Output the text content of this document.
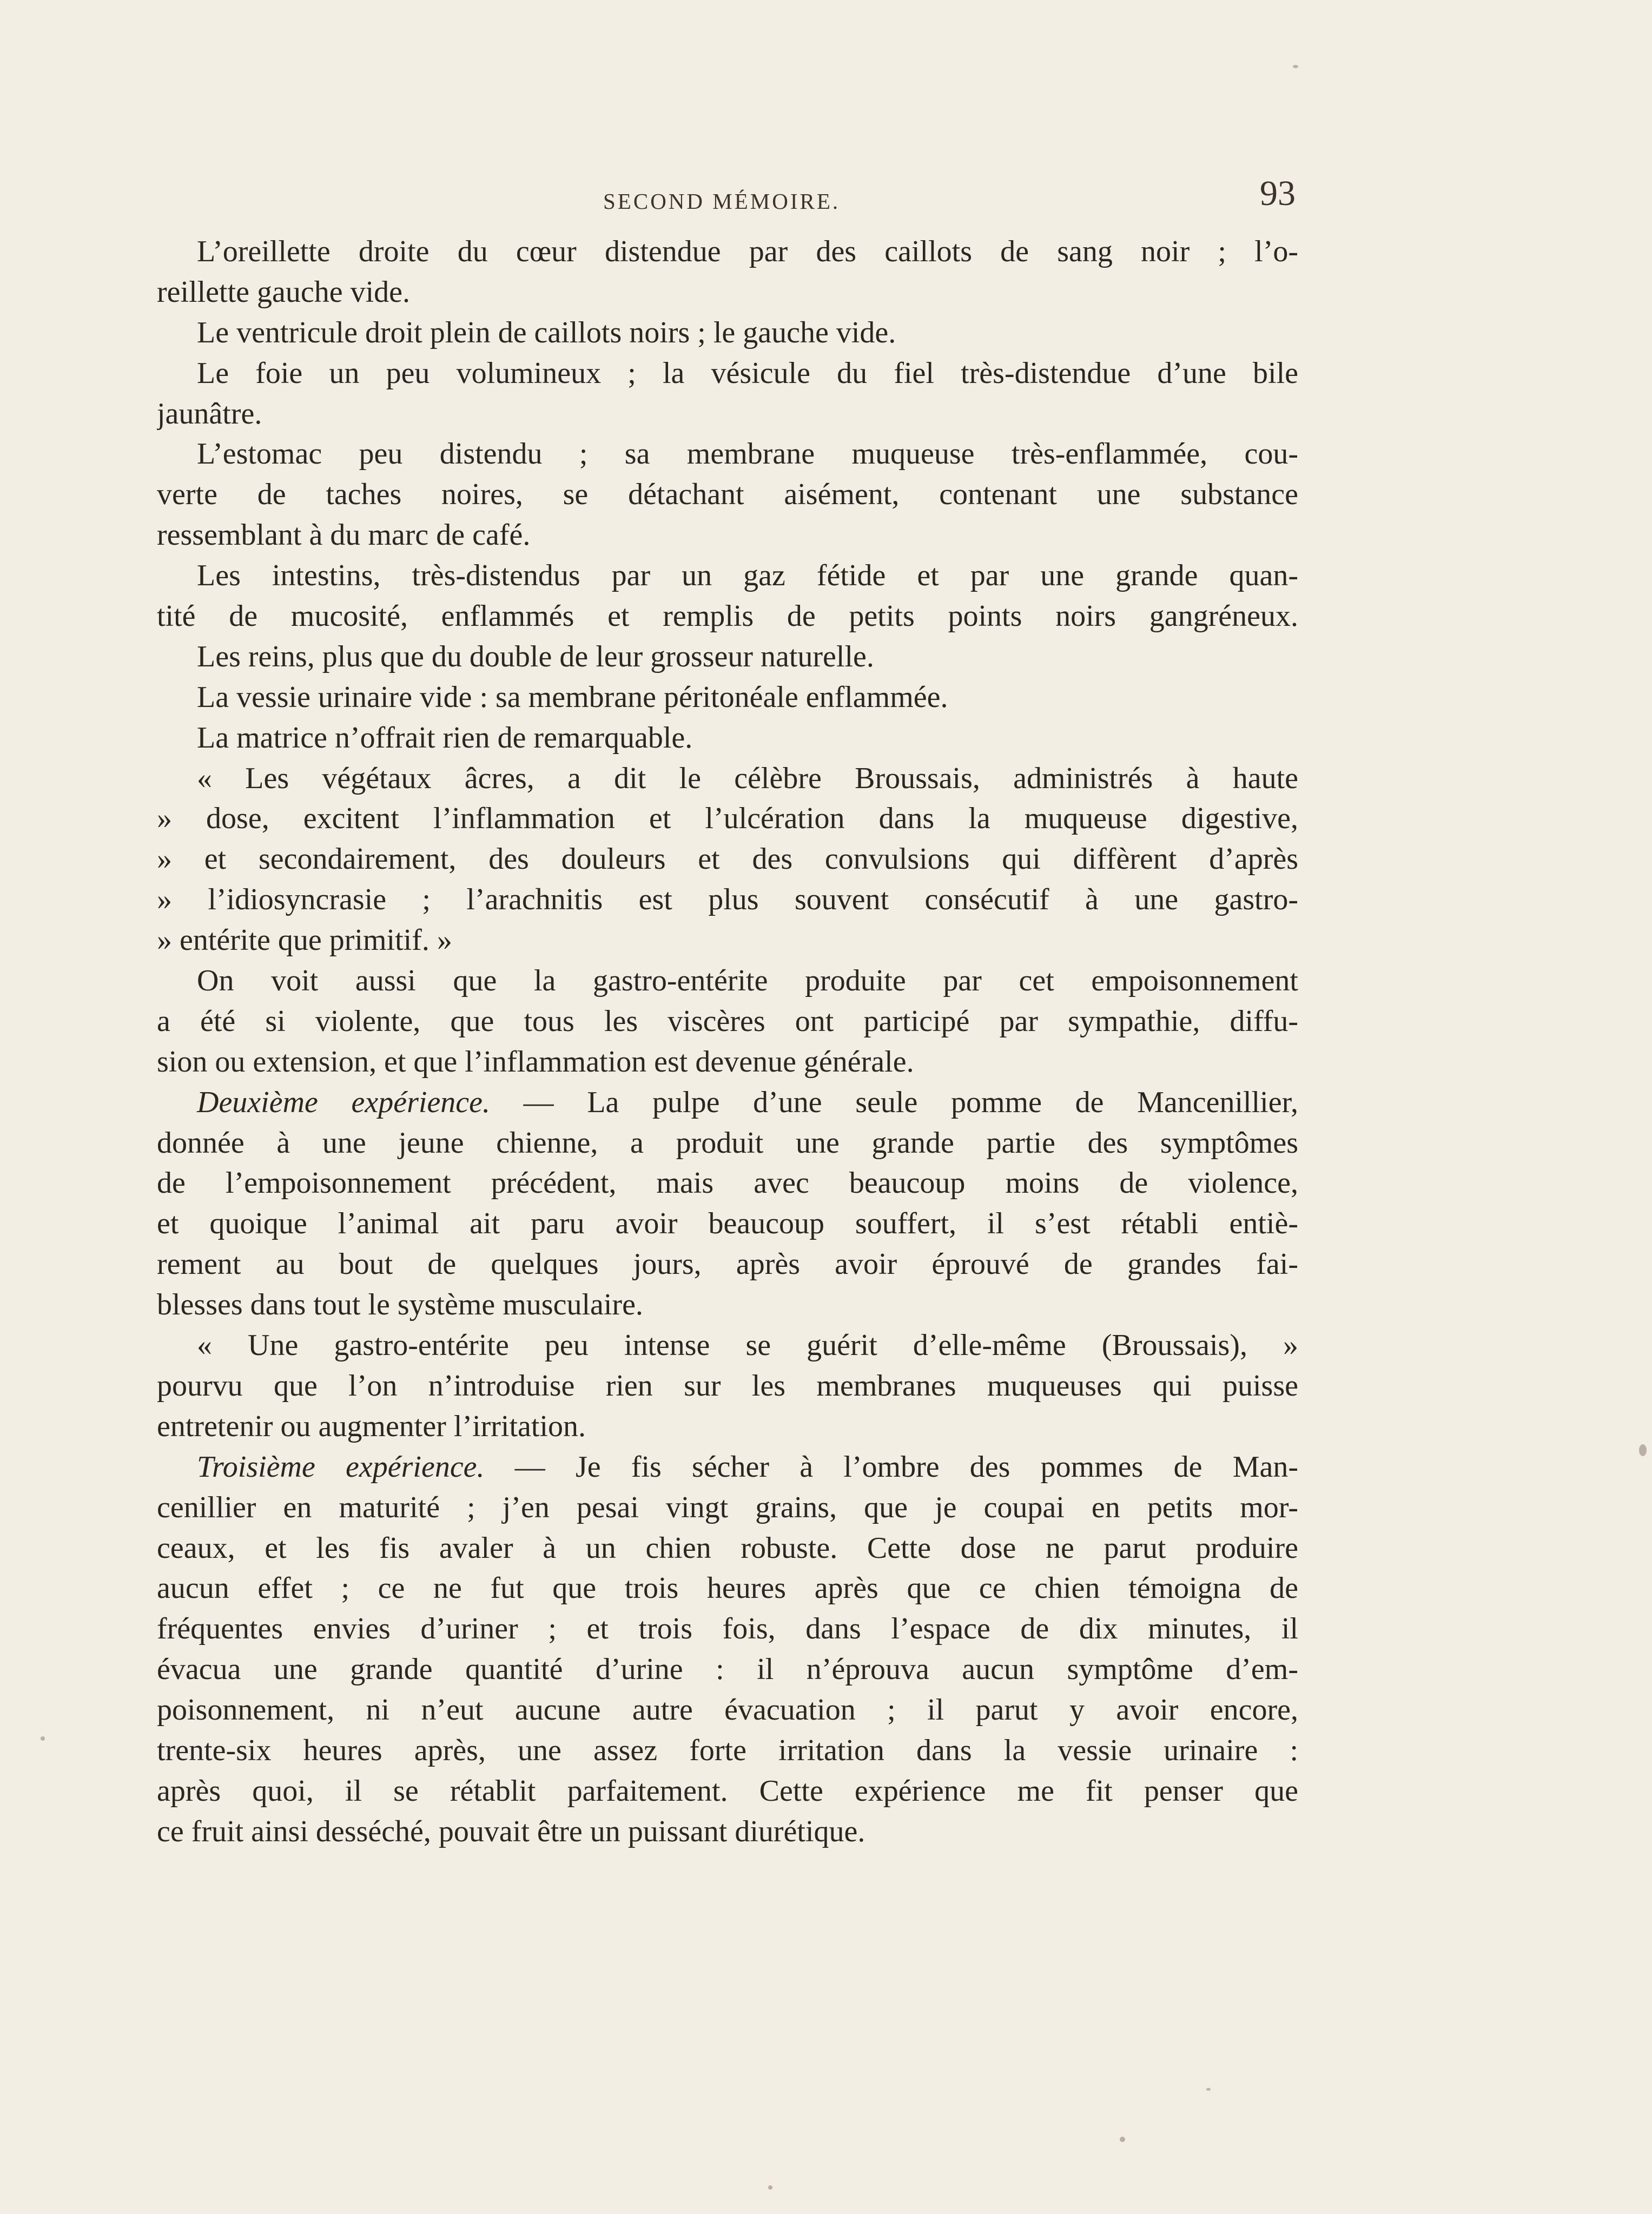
SECOND MÉMOIRE.	93
L’oreillette droite du cœur distendue par des caillots de sang noir ; l’o-
reillette gauche vide.
Le ventricule droit plein de caillots noirs ; le gauche vide.
Le foie un peu volumineux ; la vésicule du fiel très-distendue d’une bile
jaunâtre.
L’estomac peu distendu ; sa membrane muqueuse très-enflammée, cou-
verte de taches noires, se détachant aisément, contenant une substance
ressemblant à du marc de café.
Les intestins, très-distendus par un gaz fétide et par une grande quan-
tité de mucosité, enflammés et remplis de petits points noirs gangréneux.
Les reins, plus que du double de leur grosseur naturelle.
La vessie urinaire vide : sa membrane péritonéale enflammée.
La matrice n’offrait rien de remarquable.
« Les végétaux âcres, a dit le célèbre Broussais, administrés à haute
» dose, excitent l’inflammation et l’ulcération dans la muqueuse digestive,
» et secondairement, des douleurs et des convulsions qui diffèrent d’après
» l’idiosyncrasie ; l’arachnitis est plus souvent consécutif à une gastro-
» entérite que primitif. »
On voit aussi que la gastro-entérite produite par cet empoisonnement
a été si violente, que tous les viscères ont participé par sympathie, diffu-
sion ou extension, et que l’inflammation est devenue générale.
Deuxième expérience. — La pulpe d’une seule pomme de Mancenillier,
donnée à une jeune chienne, a produit une grande partie des symptômes
de l’empoisonnement précédent, mais avec beaucoup moins de violence,
et quoique l’animal ait paru avoir beaucoup souffert, il s’est rétabli entiè-
rement au bout de quelques jours, après avoir éprouvé de grandes fai-
blesses dans tout le système musculaire.
« Une gastro-entérite peu intense se guérit d’elle-même (Broussais), »
pourvu que l’on n’introduise rien sur les membranes muqueuses qui puisse
entretenir ou augmenter l’irritation.
Troisième expérience. — Je fis sécher à l’ombre des pommes de Man-
cenillier en maturité ; j’en pesai vingt grains, que je coupai en petits mor-
ceaux, et les fis avaler à un chien robuste. Cette dose ne parut produire
aucun effet ; ce ne fut que trois heures après que ce chien témoigna de
fréquentes envies d’uriner ; et trois fois, dans l’espace de dix minutes, il
évacua une grande quantité d’urine : il n’éprouva aucun symptôme d’em-
poisonnement, ni n’eut aucune autre évacuation ; il parut y avoir encore,
trente-six heures après, une assez forte irritation dans la vessie urinaire :
après quoi, il se rétablit parfaitement. Cette expérience me fit penser que
ce fruit ainsi desséché, pouvait être un puissant diurétique.
